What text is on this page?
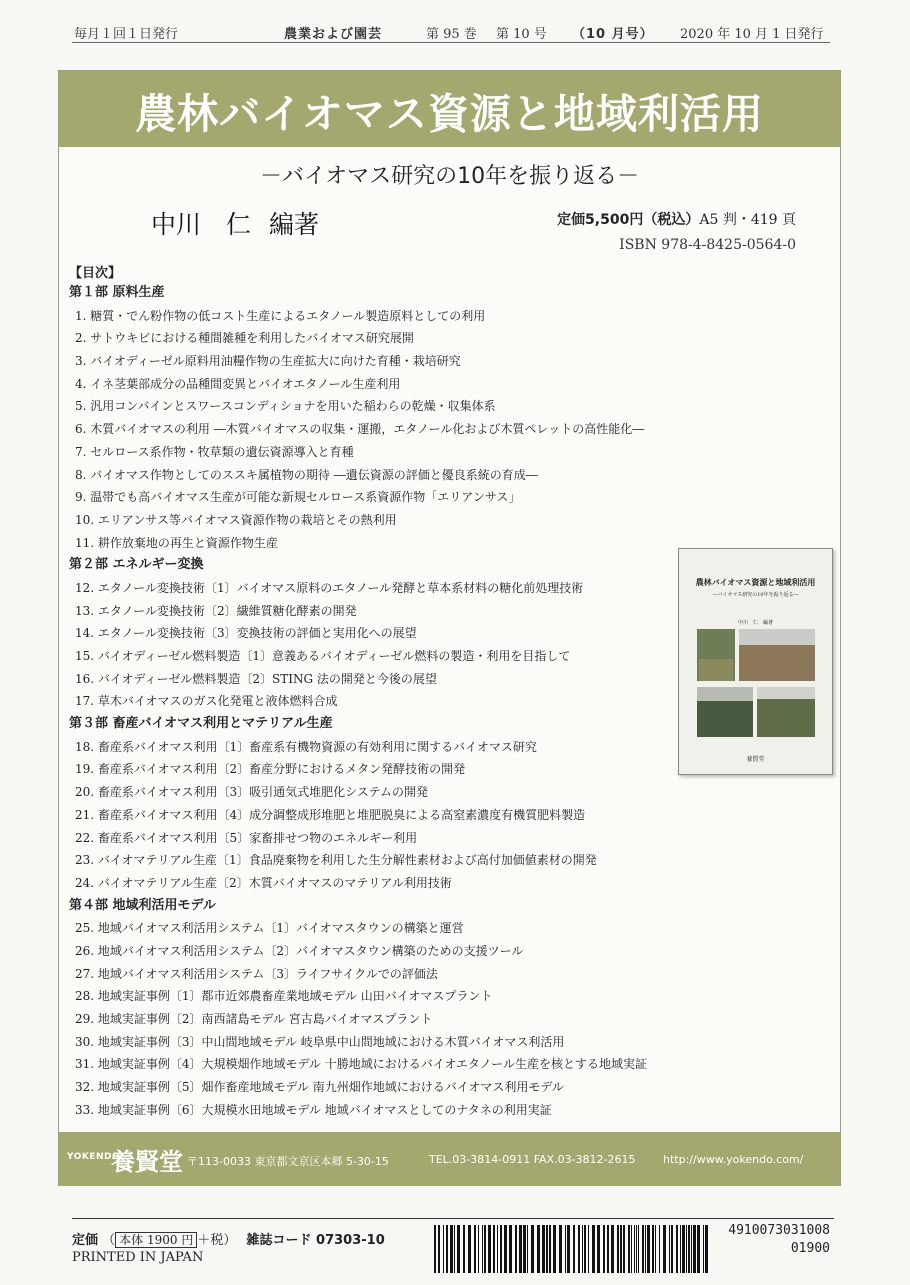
毎月１回１日発行	農業および園芸	第 95 巻 第 10 号 （10 月号） 2020 年 10 月 1 日発行
農林バイオマス資源と地域利活用
－バイオマス研究の10年を振り返る－
中川　仁 編著	定価5,500円（税込）A5 判・419 頁
ISBN 978-4-8425-0564-0
【目次】
第１部 原料生産
1. 糖質・でん粉作物の低コスト生産によるエタノール製造原料としての利用
2. サトウキビにおける種間雑種を利用したバイオマス研究展開
3. バイオディーゼル原料用油糧作物の生産拡大に向けた育種・栽培研究
4. イネ茎葉部成分の品種間変異とバイオエタノール生産利用
5. 汎用コンバインとスワースコンディショナを用いた稲わらの乾燥・収集体系
6. 木質バイオマスの利用 ―木質バイオマスの収集・運搬，エタノール化および木質ペレットの高性能化―
7. セルロース系作物・牧草類の遺伝資源導入と育種
8. バイオマス作物としてのススキ属植物の期待 ―遺伝資源の評価と優良系統の育成―
9. 温帯でも高バイオマス生産が可能な新規セルロース系資源作物「エリアンサス」
10. エリアンサス等バイオマス資源作物の栽培とその熱利用
11. 耕作放棄地の再生と資源作物生産
第２部 エネルギー変換
12. エタノール変換技術〔1〕バイオマス原料のエタノール発酵と草本系材料の糖化前処理技術
13. エタノール変換技術〔2〕繊維質糖化酵素の開発
14. エタノール変換技術〔3〕変換技術の評価と実用化への展望
15. バイオディーゼル燃料製造〔1〕意義あるバイオディーゼル燃料の製造・利用を目指して
16. バイオディーゼル燃料製造〔2〕STING 法の開発と今後の展望
17. 草木バイオマスのガス化発電と液体燃料合成
第３部 畜産バイオマス利用とマテリアル生産
18. 畜産系バイオマス利用〔1〕畜産系有機物資源の有効利用に関するバイオマス研究
19. 畜産系バイオマス利用〔2〕畜産分野におけるメタン発酵技術の開発
20. 畜産系バイオマス利用〔3〕吸引通気式堆肥化システムの開発
21. 畜産系バイオマス利用〔4〕成分調整成形堆肥と堆肥脱臭による高窒素濃度有機質肥料製造
22. 畜産系バイオマス利用〔5〕家畜排せつ物のエネルギー利用
23. バイオマテリアル生産〔1〕食品廃棄物を利用した生分解性素材および高付加価値素材の開発
24. バイオマテリアル生産〔2〕木質バイオマスのマテリアル利用技術
第４部 地域利活用モデル
25. 地域バイオマス利活用システム〔1〕バイオマスタウンの構築と運営
26. 地域バイオマス利活用システム〔2〕バイオマスタウン構築のための支援ツール
27. 地域バイオマス利活用システム〔3〕ライフサイクルでの評価法
28. 地域実証事例〔1〕都市近郊農畜産業地域モデル 山田バイオマスプラント
29. 地域実証事例〔2〕南西諸島モデル 宮古島バイオマスプラント
30. 地域実証事例〔3〕中山間地域モデル 岐阜県中山間地域における木質バイオマス利活用
31. 地域実証事例〔4〕大規模畑作地域モデル 十勝地域におけるバイオエタノール生産を核とする地域実証
32. 地域実証事例〔5〕畑作畜産地域モデル 南九州畑作地域におけるバイオマス利用モデル
33. 地域実証事例〔6〕大規模水田地域モデル 地域バイオマスとしてのナタネの利用実証
農林バイオマス資源と地域利活用
―バイオマス研究の10年を振り返る―
中川　仁　編著
養賢堂
YOKENDO
養賢堂 〒113-0033 東京都文京区本郷 5-30-15	TEL.03-3814-0911 FAX.03-3812-2615 http://www.yokendo.com/
定価 （ 本体 1900 円 ＋税） 雑誌コード 07303-10
PRINTED IN JAPAN
4910073031008
01900
